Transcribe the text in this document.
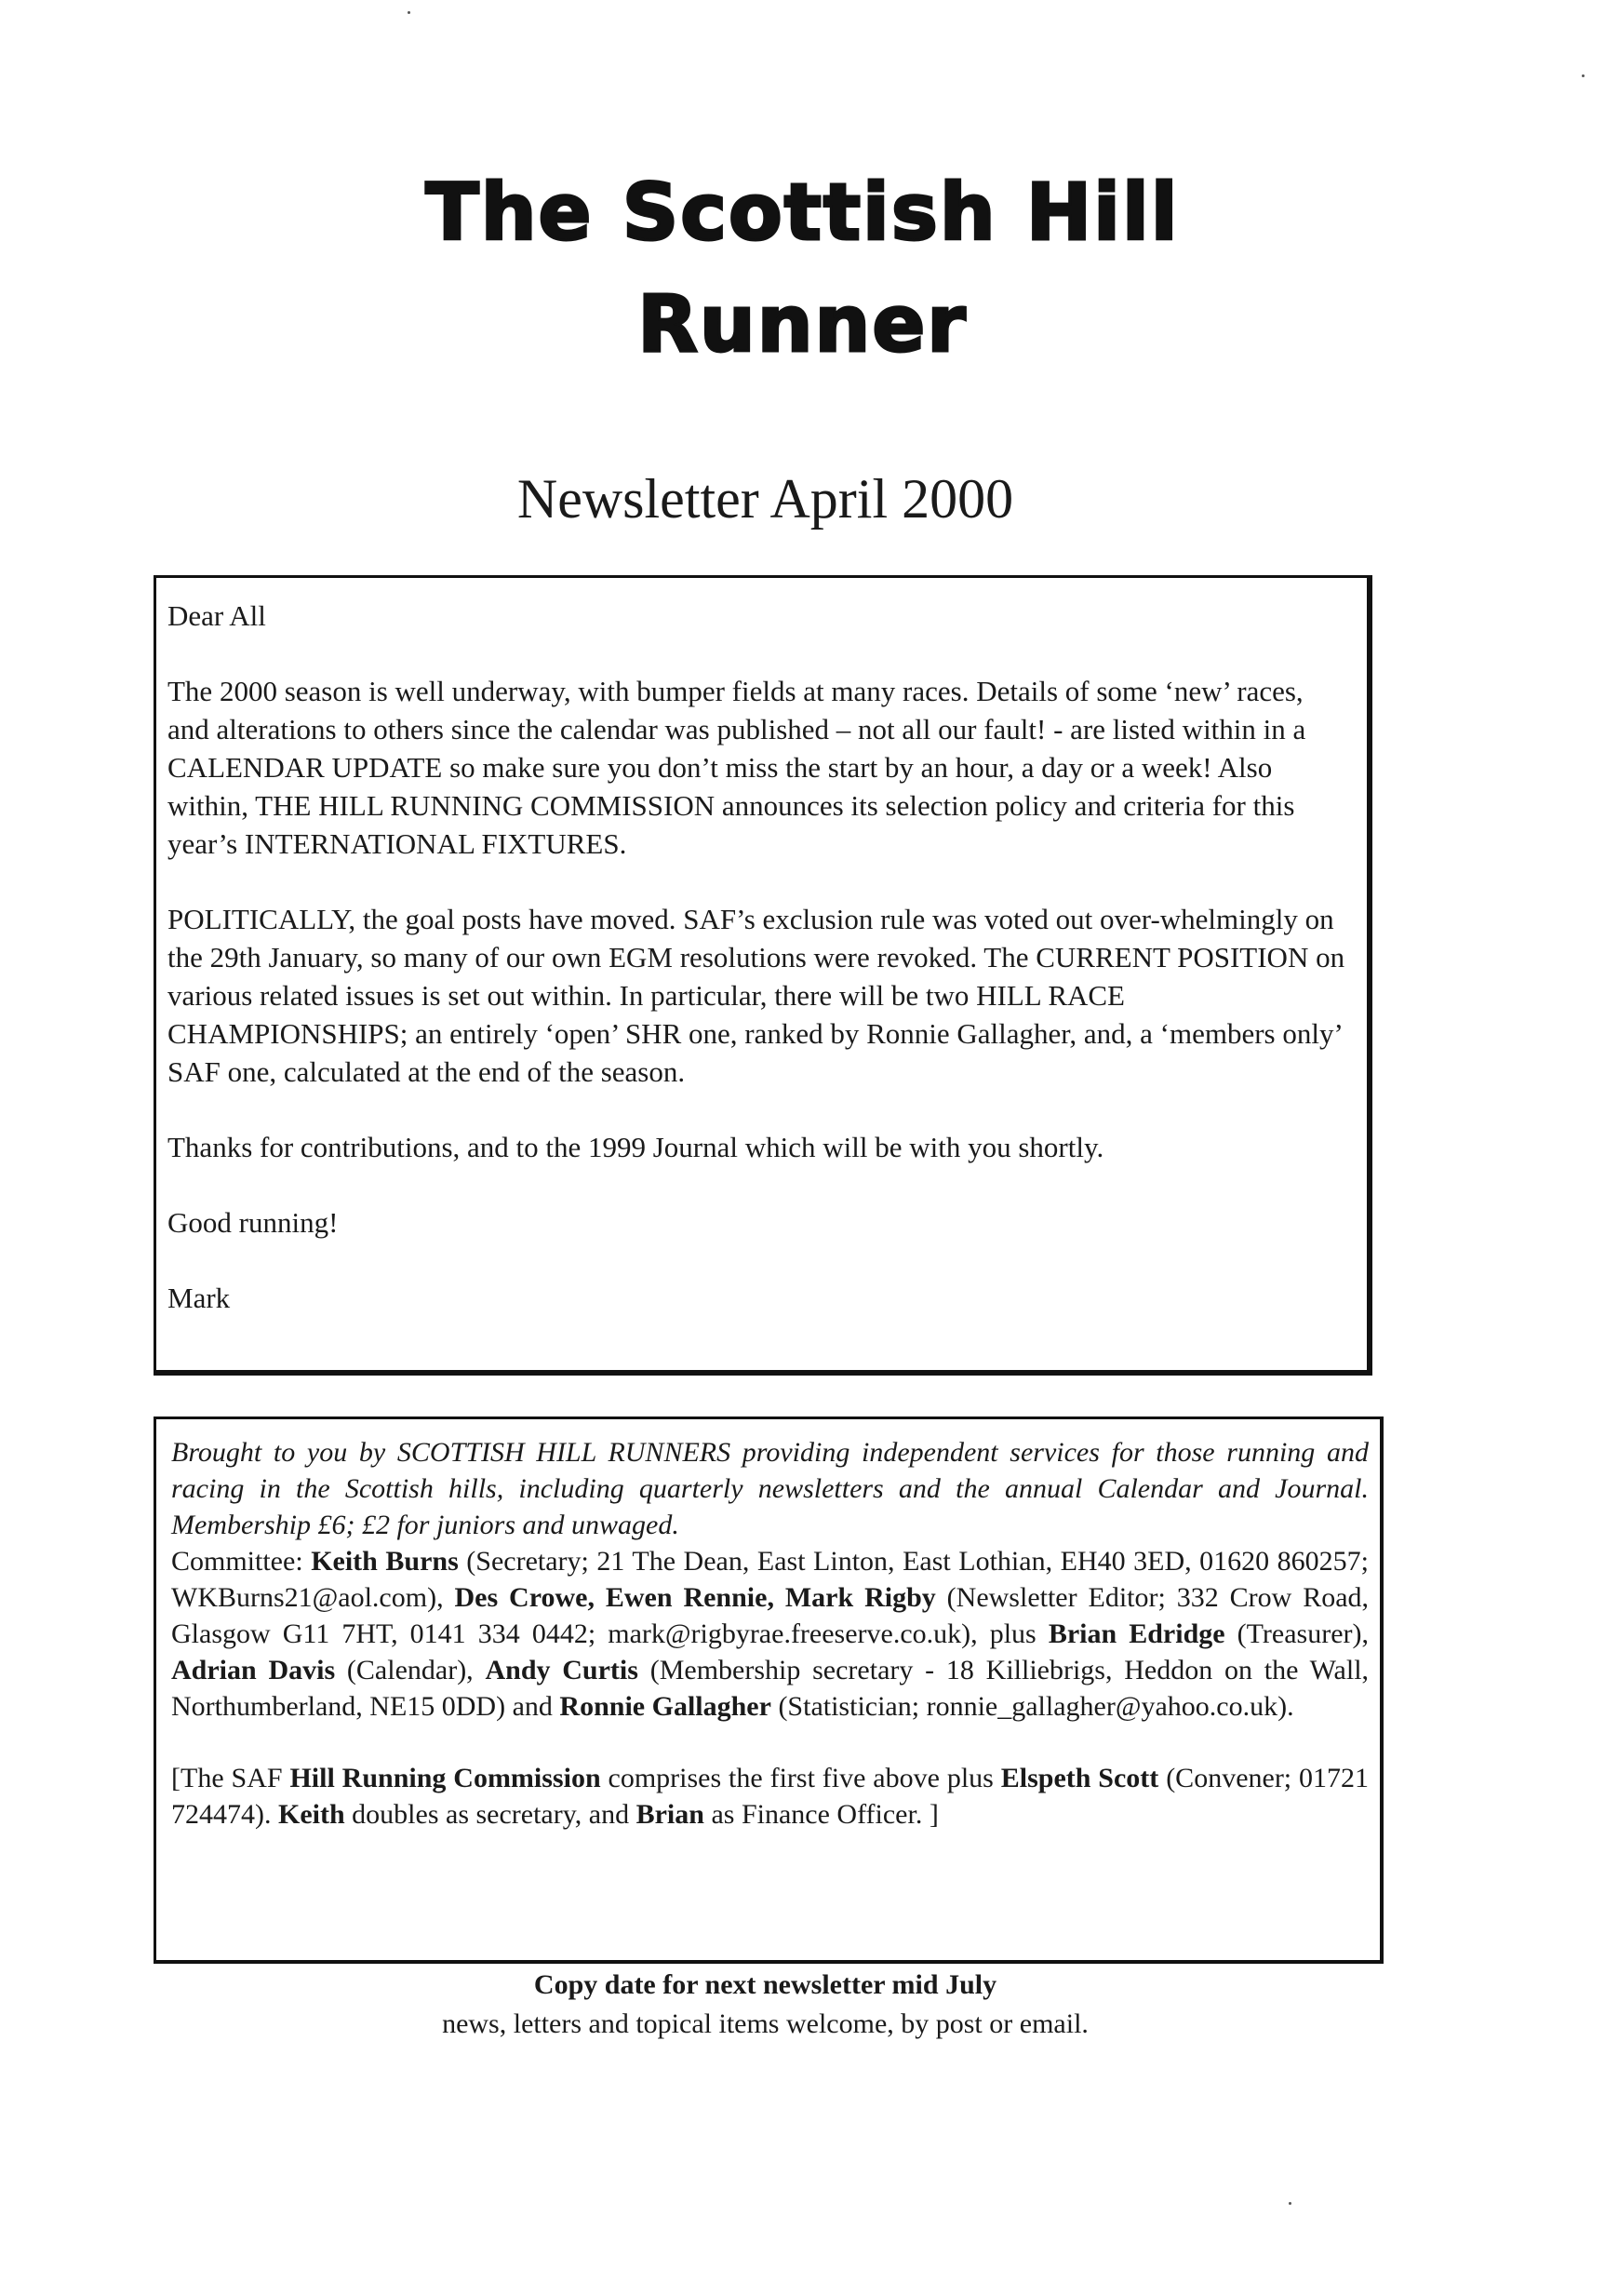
The Scottish Hill
Runner
Newsletter April 2000

Dear All

The 2000 season is well underway, with bumper fields at many races. Details of some ‘new’ races, and alterations to others since the calendar was published – not all our fault! - are listed within in a CALENDAR UPDATE so make sure you don’t miss the start by an hour, a day or a week! Also within, THE HILL RUNNING COMMISSION announces its selection policy and criteria for this year’s INTERNATIONAL FIXTURES.

POLITICALLY, the goal posts have moved. SAF’s exclusion rule was voted out over-whelmingly on the 29th January, so many of our own EGM resolutions were revoked. The CURRENT POSITION on various related issues is set out within. In particular, there will be two HILL RACE CHAMPIONSHIPS; an entirely ‘open’ SHR one, ranked by Ronnie Gallagher, and, a ‘members only’ SAF one, calculated at the end of the season.

Thanks for contributions, and to the 1999 Journal which will be with you shortly.

Good running!

Mark

Brought to you by SCOTTISH HILL RUNNERS providing independent services for those running and racing in the Scottish hills, including quarterly newsletters and the annual Calendar and Journal. Membership £6; £2 for juniors and unwaged.

Committee: Keith Burns (Secretary; 21 The Dean, East Linton, East Lothian, EH40 3ED, 01620 860257; WKBurns21@aol.com), Des Crowe, Ewen Rennie, Mark Rigby (Newsletter Editor; 332 Crow Road, Glasgow G11 7HT, 0141 334 0442; mark@rigbyrae.freeserve.co.uk), plus Brian Edridge (Treasurer), Adrian Davis (Calendar), Andy Curtis (Membership secretary - 18 Killiebrigs, Heddon on the Wall, Northumberland, NE15 0DD) and Ronnie Gallagher (Statistician; ronnie_gallagher@yahoo.co.uk).

[The SAF Hill Running Commission comprises the first five above plus Elspeth Scott (Convener; 01721 724474). Keith doubles as secretary, and Brian as Finance Officer. ]

Copy date for next newsletter mid July
news, letters and topical items welcome, by post or email.
